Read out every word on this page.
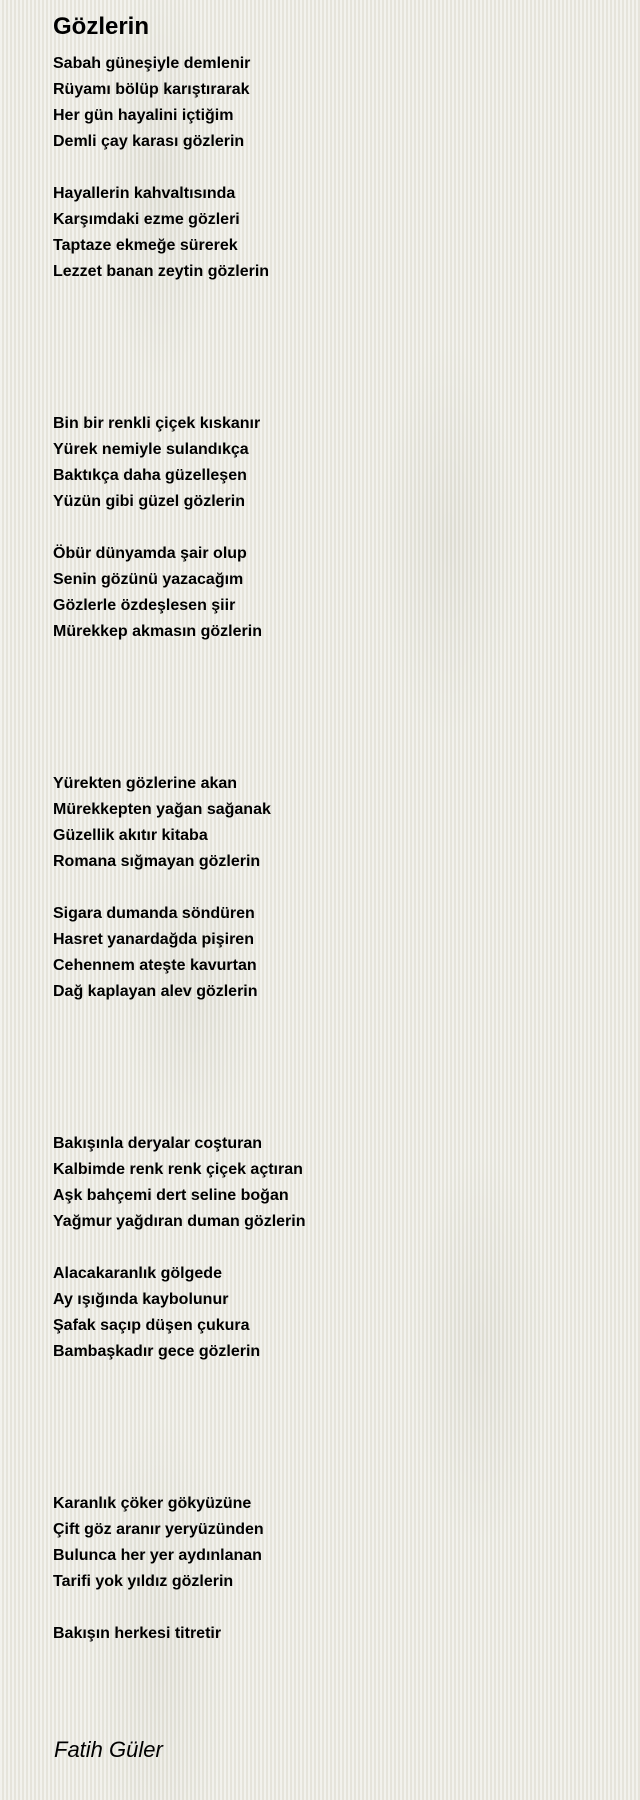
Gözlerin
Sabah güneşiyle demlenir
Rüyamı bölüp karıştırarak
Her gün hayalini içtiğim
Demli çay karası gözlerin
Hayallerin kahvaltısında
Karşımdaki ezme gözleri
Taptaze ekmeğe sürerek
Lezzet banan zeytin gözlerin
Bin bir renkli çiçek kıskanır
Yürek nemiyle sulandıkça
Baktıkça daha güzelleşen
Yüzün gibi güzel gözlerin
Öbür dünyamda şair olup
Senin gözünü yazacağım
Gözlerle özdeşlesen şiir
Mürekkep akmasın gözlerin
Yürekten gözlerine akan
Mürekkepten yağan sağanak
Güzellik akıtır kitaba
Romana sığmayan gözlerin
Sigara dumanda söndüren
Hasret yanardağda pişiren
Cehennem ateşte kavurtan
Dağ kaplayan alev gözlerin
Bakışınla deryalar coşturan
Kalbimde renk renk çiçek açtıran
Aşk bahçemi dert seline boğan
Yağmur yağdıran duman gözlerin
Alacakaranlık gölgede
Ay ışığında kaybolunur
Şafak saçıp düşen çukura
Bambaşkadır gece gözlerin
Karanlık çöker gökyüzüne
Çift göz aranır yeryüzünden
Bulunca her yer aydınlanan
Tarifi yok yıldız gözlerin
Bakışın herkesi titretir
Fatih Güler
